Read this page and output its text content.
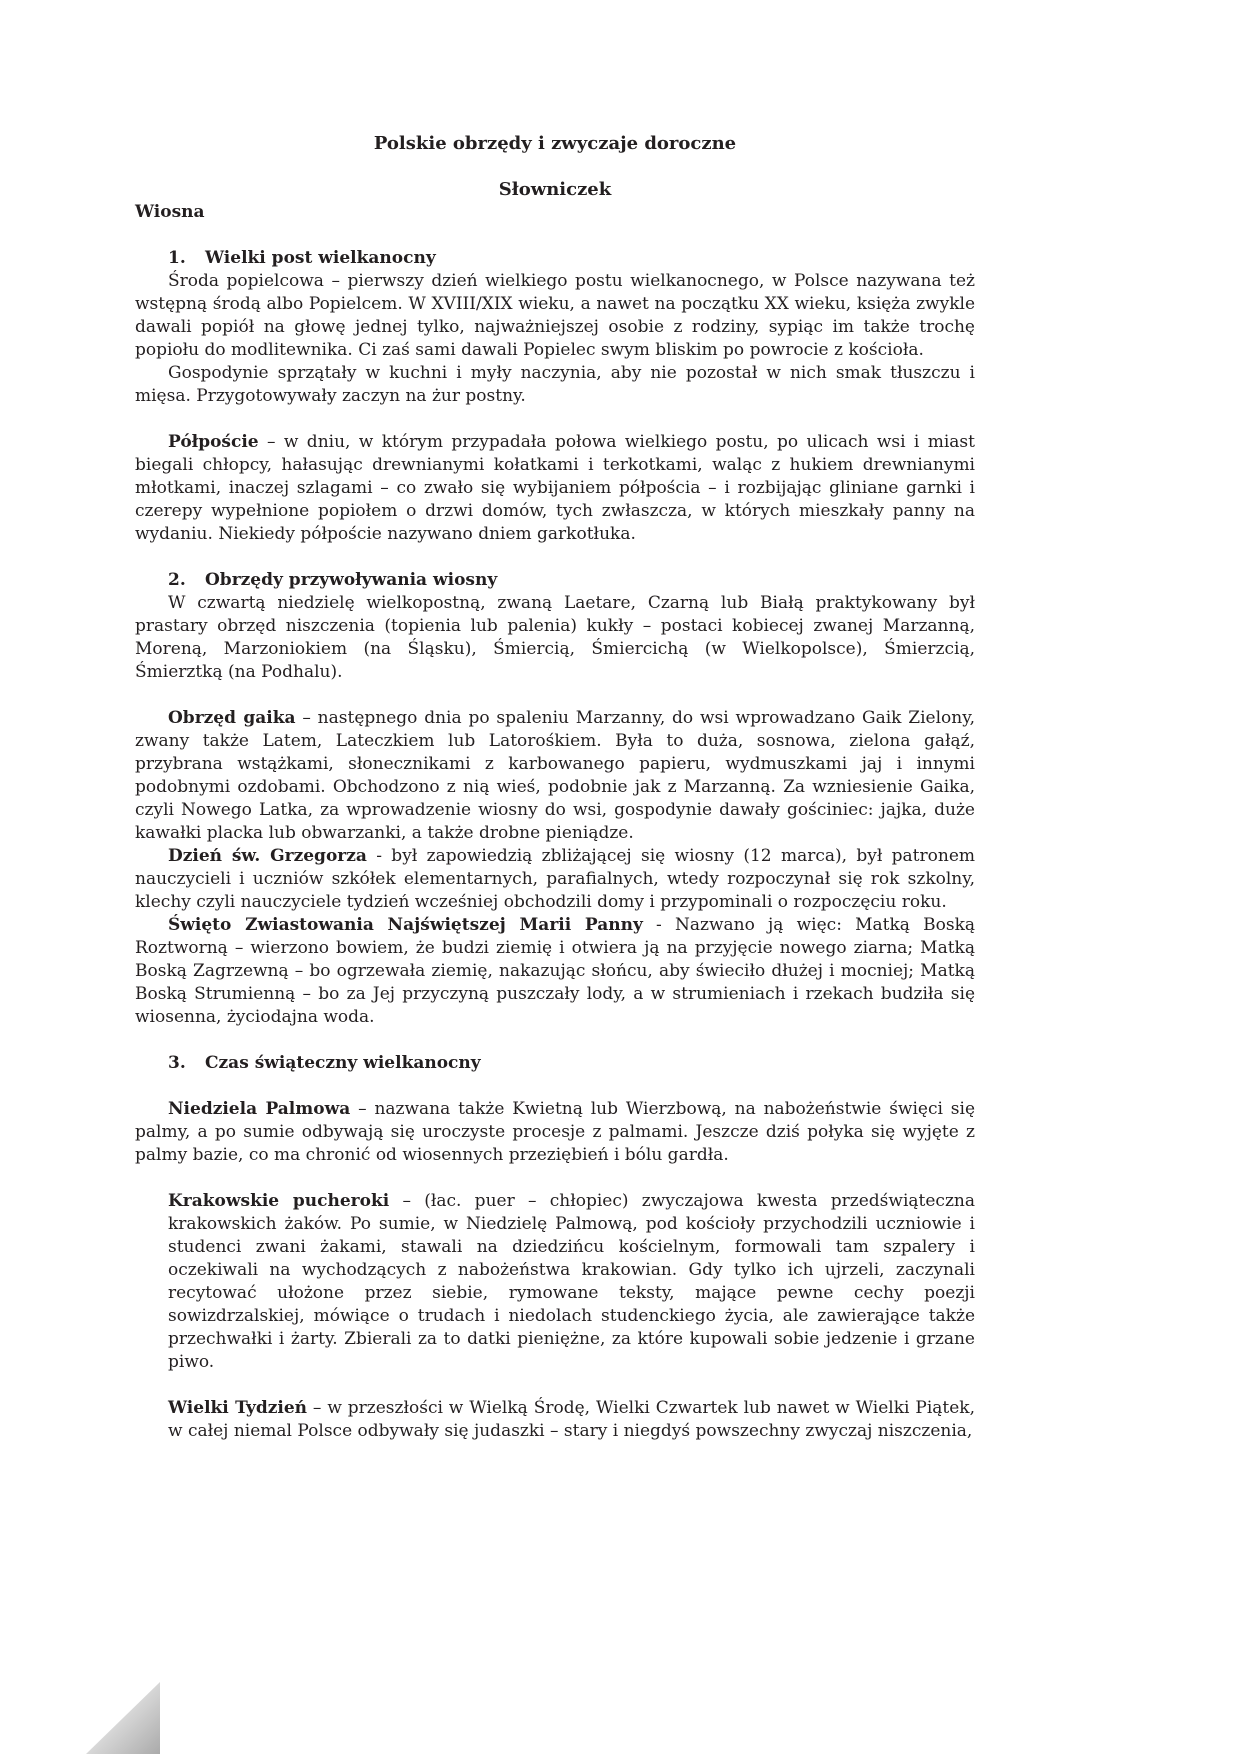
Polskie obrzędy i zwyczaje doroczne

Słowniczek

Wiosna

1.	Wielki post wielkanocny

Środa popielcowa – pierwszy dzień wielkiego postu wielkanocnego, w Polsce nazywana też wstępną środą albo Popielcem. W XVIII/XIX wieku, a nawet na początku XX wieku, księża zwykle dawali popiół na głowę jednej tylko, najważniejszej osobie z rodziny, sypiąc im także trochę popiołu do modlitewnika. Ci zaś sami dawali Popielec swym bliskim po powrocie z kościoła.

Gospodynie sprzątały w kuchni i myły naczynia, aby nie pozostał w nich smak tłuszczu i mięsa. Przygotowywały zaczyn na żur postny.

Półpoście – w dniu, w którym przypadała połowa wielkiego postu, po ulicach wsi i miast biegali chłopcy, hałasując drewnianymi kołatkami i terkotkami, waląc z hukiem drewnianymi młotkami, inaczej szlagami – co zwało się wybijaniem półpościa – i rozbijając gliniane garnki i czerepy wypełnione popiołem o drzwi domów, tych zwłaszcza, w których mieszkały panny na wydaniu. Niekiedy półpoście nazywano dniem garkotłuka.

2.	Obrzędy przywoływania wiosny

W czwartą niedzielę wielkopostną, zwaną Laetare, Czarną lub Białą praktykowany był prastary obrzęd niszczenia (topienia lub palenia) kukły – postaci kobiecej zwanej Marzanną, Moreną, Marzoniokiem (na Śląsku), Śmiercią, Śmiercichą (w Wielkopolsce), Śmierzcią, Śmierztką (na Podhalu).

Obrzęd gaika – następnego dnia po spaleniu Marzanny, do wsi wprowadzano Gaik Zielony, zwany także Latem, Lateczkiem lub Latorośkiem. Była to duża, sosnowa, zielona gałąź, przybrana wstążkami, słonecznikami z karbowanego papieru, wydmuszkami jaj i innymi podobnymi ozdobami. Obchodzono z nią wieś, podobnie jak z Marzanną. Za wzniesienie Gaika, czyli Nowego Latka, za wprowadzenie wiosny do wsi, gospodynie dawały gościniec: jajka, duże kawałki placka lub obwarzanki, a także drobne pieniądze.

Dzień św. Grzegorza - był zapowiedzią zbliżającej się wiosny (12 marca), był patronem nauczycieli i uczniów szkółek elementarnych, parafialnych, wtedy rozpoczynał się rok szkolny, klechy czyli nauczyciele tydzień wcześniej obchodzili domy i przypominali o rozpoczęciu roku.

Święto Zwiastowania Najświętszej Marii Panny - Nazwano ją więc: Matką Boską Roztworną – wierzono bowiem, że budzi ziemię i otwiera ją na przyjęcie nowego ziarna; Matką Boską Zagrzewną – bo ogrzewała ziemię, nakazując słońcu, aby świeciło dłużej i mocniej; Matką Boską Strumienną – bo za Jej przyczyną puszczały lody, a w strumieniach i rzekach budziła się wiosenna, życiodajna woda.

3.	Czas świąteczny wielkanocny

Niedziela Palmowa – nazwana także Kwietną lub Wierzbową, na nabożeństwie święci się palmy, a po sumie odbywają się uroczyste procesje z palmami. Jeszcze dziś połyka się wyjęte z palmy bazie, co ma chronić od wiosennych przeziębień i bólu gardła.

Krakowskie pucheroki – (łac. puer – chłopiec) zwyczajowa kwesta przedświąteczna krakowskich żaków. Po sumie, w Niedzielę Palmową, pod kościoły przychodzili uczniowie i studenci zwani żakami, stawali na dziedzińcu kościelnym, formowali tam szpalery i oczekiwali na wychodzących z nabożeństwa krakowian. Gdy tylko ich ujrzeli, zaczynali recytować ułożone przez siebie, rymowane teksty, mające pewne cechy poezji sowizdrzalskiej, mówiące o trudach i niedolach studenckiego życia, ale zawierające także przechwałki i żarty. Zbierali za to datki pieniężne, za które kupowali sobie jedzenie i grzane piwo.

Wielki Tydzień – w przeszłości w Wielką Środę, Wielki Czwartek lub nawet w Wielki Piątek, w całej niemal Polsce odbywały się judaszki – stary i niegdyś powszechny zwyczaj niszczenia,
